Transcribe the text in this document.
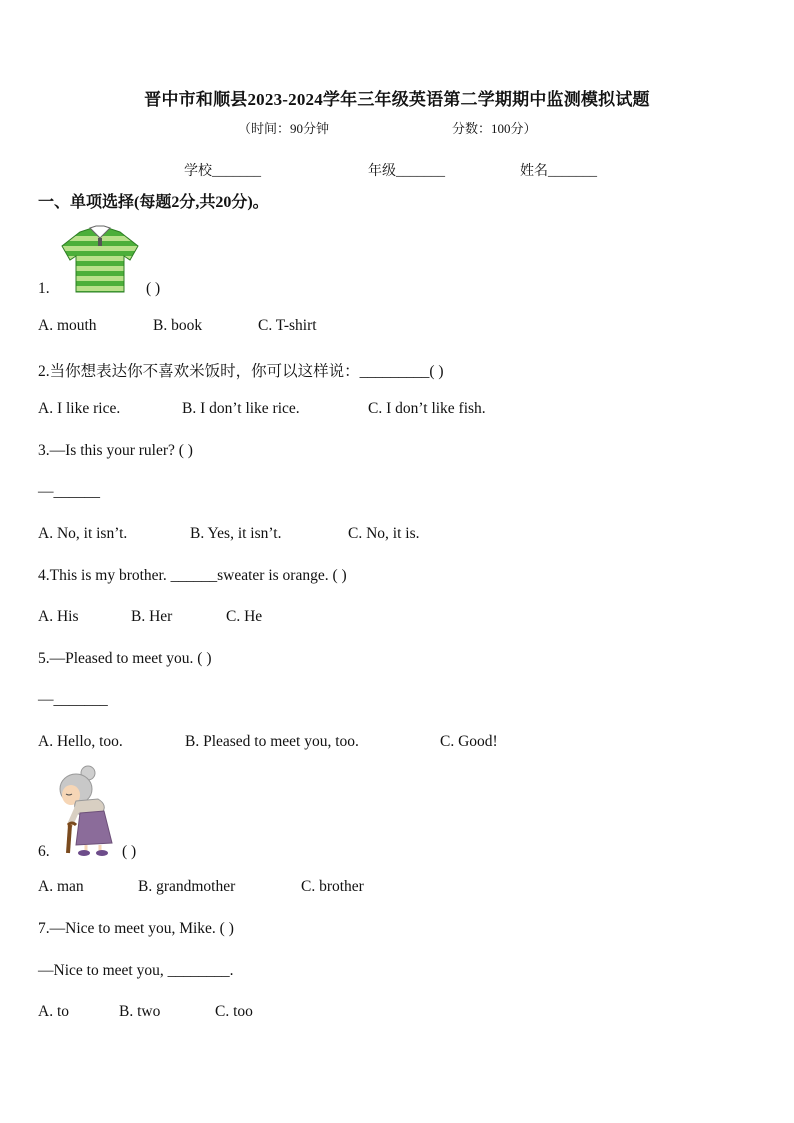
晋中市和顺县2023-2024学年三年级英语第二学期期中监测模拟试题
（时间：90分钟	分数：100分）
学校_______	年级_______	姓名_______
一、单项选择(每题2分,共20分)。
1.	( )
A. mouth	B. book	C. T-shirt
2.当你想表达你不喜欢米饭时，你可以这样说：_________( )
A. I like rice.	B. I don’t like rice.	C. I don’t like fish.
3.—Is this your ruler? ( )
—______
A. No, it isn’t.	B. Yes, it isn’t.	C. No, it is.
4.This is my brother. ______sweater is orange. ( )
A. His	B. Her	C. He
5.—Pleased to meet you. ( )
—_______
A. Hello, too.	B. Pleased to meet you, too.	C. Good!
6.	( )
A. man	B. grandmother	C. brother
7.—Nice to meet you, Mike. ( )
—Nice to meet you, ________.
A. to	B. two	C. too
